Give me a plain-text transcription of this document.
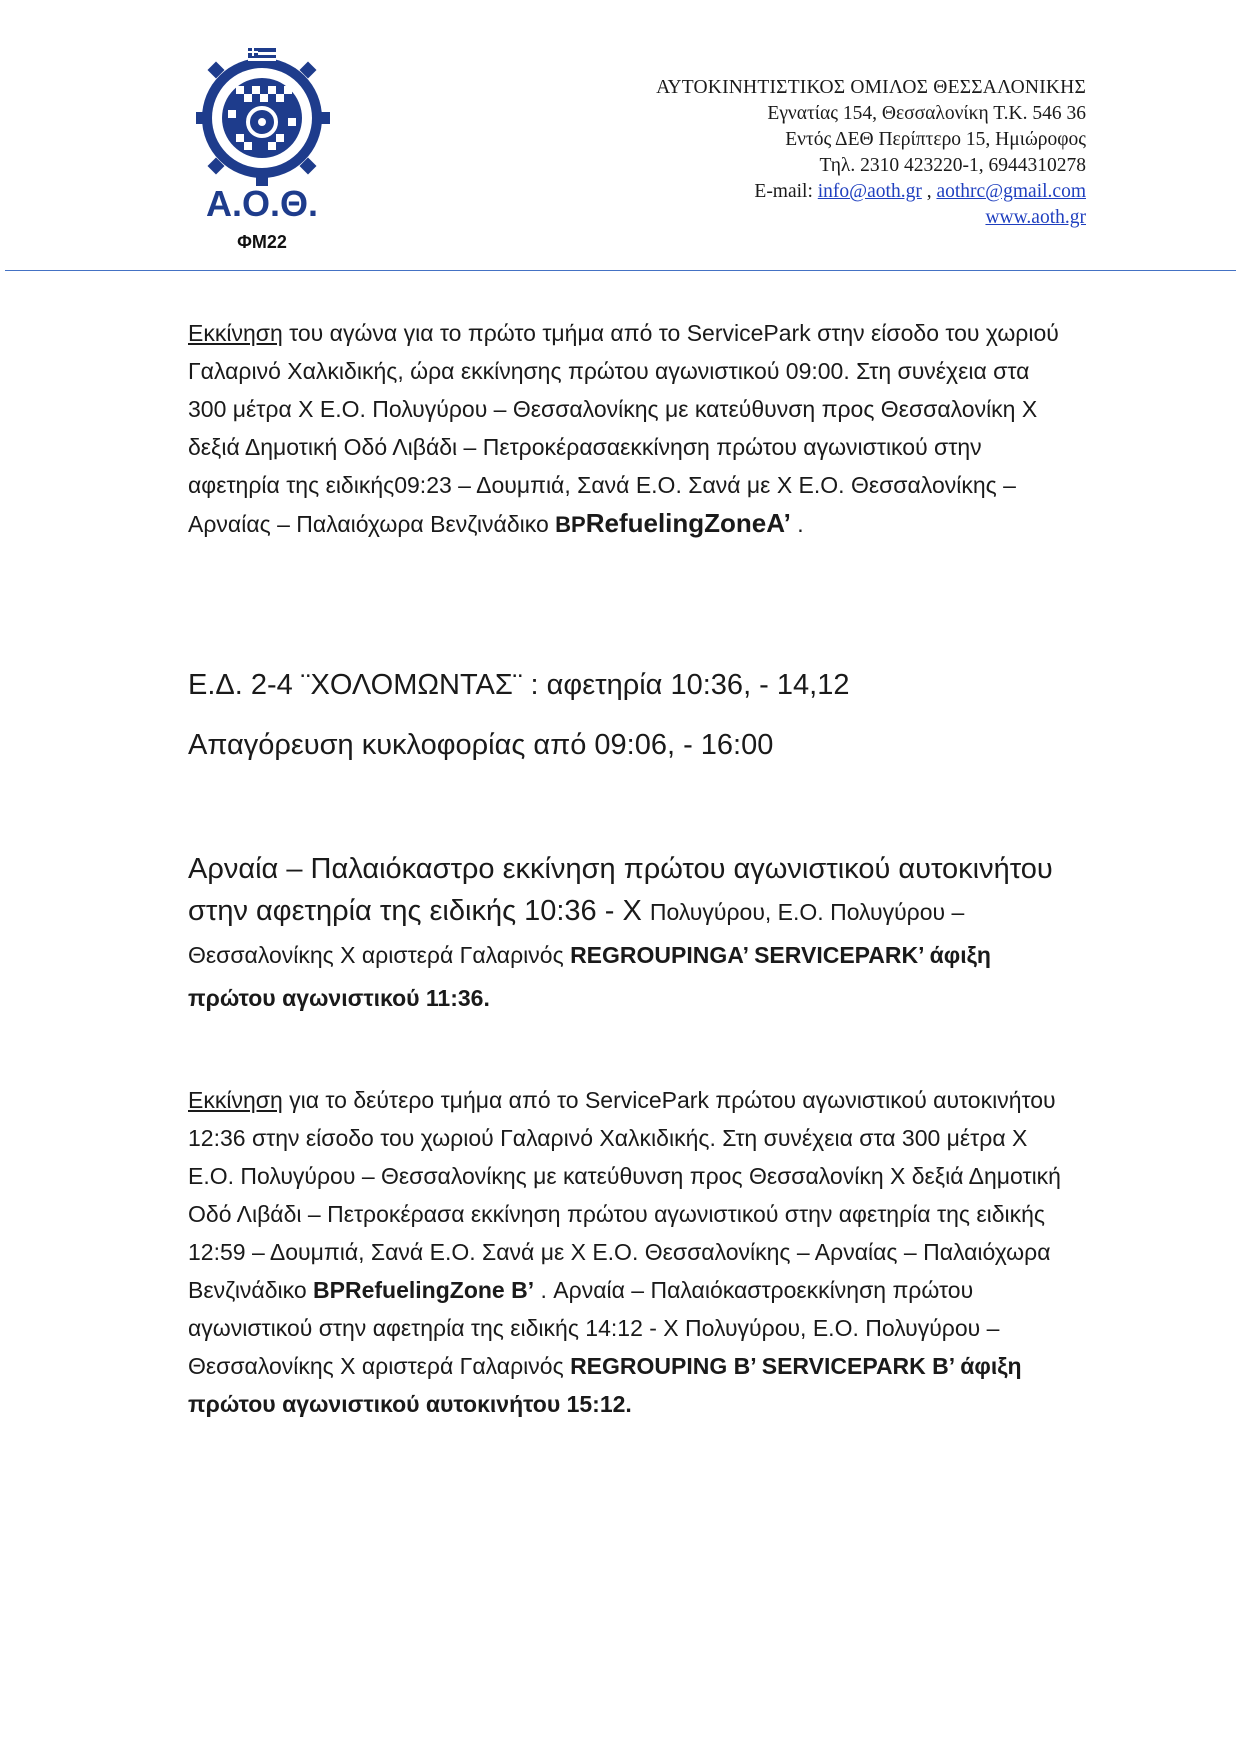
Α.Ο.Θ.
ΦΜ22
ΑΥΤΟΚΙΝΗΤΙΣΤΙΚΟΣ ΟΜΙΛΟΣ ΘΕΣΣΑΛΟΝΙΚΗΣ
Εγνατίας 154, Θεσσαλονίκη Τ.Κ. 546 36
Εντός ΔΕΘ Περίπτερο 15, Ημιώροφος
Τηλ. 2310 423220-1, 6944310278
E-mail: info@aoth.gr , aothrc@gmail.com
www.aoth.gr

Εκκίνηση του αγώνα για το πρώτο τμήμα από το ServicePark στην είσοδο του χωριού Γαλαρινό Χαλκιδικής, ώρα εκκίνησης πρώτου αγωνιστικού 09:00. Στη συνέχεια στα 300 μέτρα Χ Ε.Ο. Πολυγύρου – Θεσσαλονίκης με κατεύθυνση προς Θεσσαλονίκη Χ δεξιά Δημοτική Οδό Λιβάδι – Πετροκέρασαεκκίνηση πρώτου αγωνιστικού στην αφετηρία της ειδικής09:23 – Δουμπιά, Σανά Ε.Ο. Σανά με Χ Ε.Ο. Θεσσαλονίκης – Αρναίας – Παλαιόχωρα Βενζινάδικο BPRefuelingZoneA’ .

Ε.Δ. 2-4 ¨ΧΟΛΟΜΩΝΤΑΣ¨ : αφετηρία 10:36, - 14,12

Απαγόρευση κυκλοφορίας από 09:06, - 16:00

Αρναία – Παλαιόκαστρο εκκίνηση πρώτου αγωνιστικού αυτοκινήτου στην αφετηρία της ειδικής 10:36 - Χ Πολυγύρου, Ε.Ο. Πολυγύρου – Θεσσαλονίκης Χ αριστερά Γαλαρινός REGROUPINGA’ SERVICEPARK’ άφιξη πρώτου αγωνιστικού 11:36.

Εκκίνηση για το δεύτερο τμήμα από το ServicePark πρώτου αγωνιστικού αυτοκινήτου 12:36 στην είσοδο του χωριού Γαλαρινό Χαλκιδικής. Στη συνέχεια στα 300 μέτρα Χ Ε.Ο. Πολυγύρου – Θεσσαλονίκης με κατεύθυνση προς Θεσσαλονίκη Χ δεξιά Δημοτική Οδό Λιβάδι – Πετροκέρασα εκκίνηση πρώτου αγωνιστικού στην αφετηρία της ειδικής 12:59 – Δουμπιά, Σανά Ε.Ο. Σανά με Χ Ε.Ο. Θεσσαλονίκης – Αρναίας – Παλαιόχωρα Βενζινάδικο BPRefuelingZone B’ . Αρναία – Παλαιόκαστροεκκίνηση πρώτου αγωνιστικού στην αφετηρία της ειδικής 14:12 - Χ Πολυγύρου, Ε.Ο. Πολυγύρου – Θεσσαλονίκης Χ αριστερά Γαλαρινός REGROUPING B’ SERVICEPARK B’ άφιξη πρώτου αγωνιστικού αυτοκινήτου 15:12.
